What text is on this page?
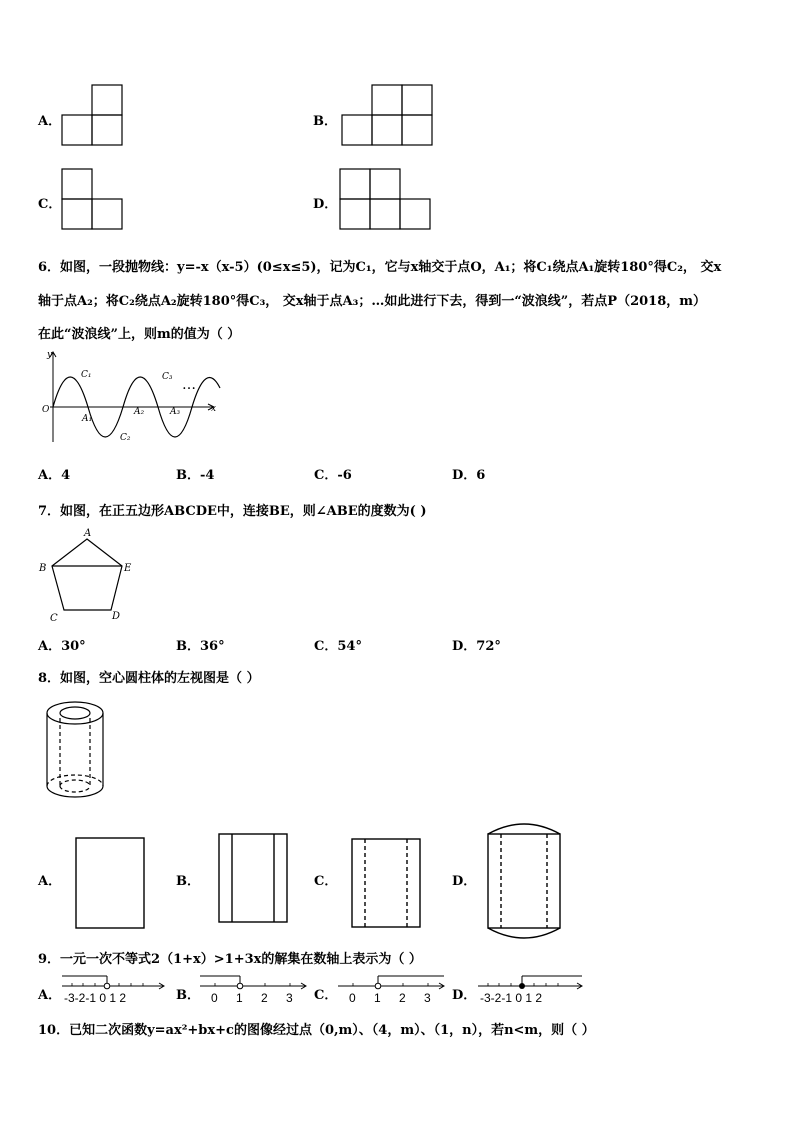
A．	B．
C．	D．
6．如图，一段抛物线：y=-x（x-5）(0≤x≤5)，记为C₁，它与x轴交于点O，A₁；将C₁绕点A₁旋转180°得C₂， 交x
轴于点A₂；将C₂绕点A₂旋转180°得C₃， 交x轴于点A₃；…如此进行下去，得到一“波浪线”，若点P（2018，m）
在此“波浪线”上，则m的值为（ ）
y
x
O
A₁
A₂	A₃
C₁
C₂
C₃ …
A．4	B．-4	C．-6	D．6
7．如图，在正五边形ABCDE中，连接BE，则∠ABE的度数为( )
A
B
C	D
E
A．30°	B．36°	C．54°	D．72°
8．如图，空心圆柱体的左视图是（ ）
A．	B．	C．	D．
9．一元一次不等式2（1+x）>1+3x的解集在数轴上表示为（ ）
A． -3-2-1 0 1 2	B． 0 1 2 3 C． 0 1 2 3 D． -3-2-1 0 1 2
10．已知二次函数y=ax²+bx+c的图像经过点（0,m）、（4，m）、（1，n），若n<m，则（ ）
